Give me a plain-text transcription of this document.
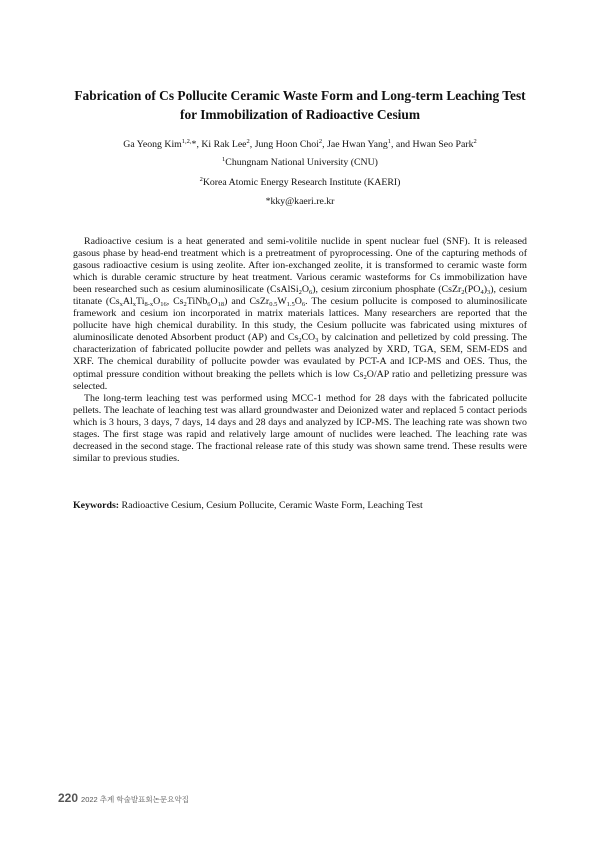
Fabrication of Cs Pollucite Ceramic Waste Form and Long-term Leaching Test
for Immobilization of Radioactive Cesium
Ga Yeong Kim$^{1,2,}$*, Ki Rak Lee$^2$, Jung Hoon Choi$^2$, Jae Hwan Yang$^1$, and Hwan Seo Park$^2$
$^1$Chungnam National University (CNU)
$^2$Korea Atomic Energy Research Institute (KAERI)
*kky@kaeri.re.kr

Radioactive cesium is a heat generated and semi-volitile nuclide in spent nuclear fuel (SNF). It is released gasous phase by head-end treatment which is a pretreatment of pyroprocessing. One of the capturing methods of gasous radioactive cesium is using zeolite. After ion-exchanged zeolite, it is transformed to ceramic waste form which is durable ceramic structure by heat treatment. Various ceramic wasteforms for Cs immobilization have been researched such as cesium aluminosilicate $(CsAlSi_2O_6)$, cesium zirconium phosphate $(CsZr_2(PO_4)_3)$, cesium titanate ($Cs_xAl_xTi_{8-x}O_{16}$, $Cs_2TiNb_6O_{18}$) and $CsZr_{0.5}W_{1.5}O_6$. The cesium pollucite is composed to aluminosilicate framework and cesium ion incorporated in matrix materials lattices. Many researchers are reported that the pollucite have high chemical durability. In this study, the Cesium pollucite was fabricated using mixtures of aluminosilicate denoted Absorbent product (AP) and $Cs_2CO_3$ by calcination and pelletized by cold pressing. The characterization of fabricated pollucite powder and pellets was analyzed by XRD, TGA, SEM, SEM-EDS and XRF. The chemical durability of pollucite powder was evaulated by PCT-A and ICP-MS and OES. Thus, the optimal pressure condition without breaking the pellets which is low $Cs_2O/AP$ ratio and pelletizing pressure was selected.

The long-term leaching test was performed using MCC-1 method for 28 days with the fabricated pollucite pellets. The leachate of leaching test was allard groundwaster and Deionized water and replaced 5 contact periods which is 3 hours, 3 days, 7 days, 14 days and 28 days and analyzed by ICP-MS. The leaching rate was shown two stages. The first stage was rapid and relatively large amount of nuclides were leached. The leaching rate was decreased in the second stage. The fractional release rate of this study was shown same trend. These results were similar to previous studies.

Keywords: Radioactive Cesium, Cesium Pollucite, Ceramic Waste Form, Leaching Test
220 2022 추계 학술발표회논문요약집
